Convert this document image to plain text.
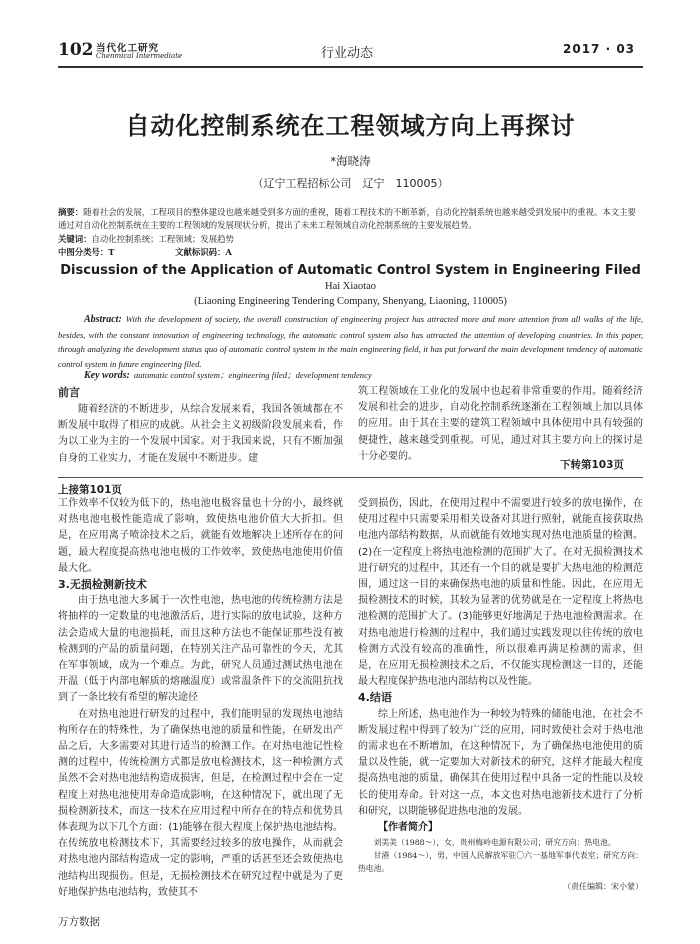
102 当代化工研究
Chenmical Intermediate	行业动态	2017 · 03
自动化控制系统在工程领域方向上再探讨
*海晓涛
（辽宁工程招标公司　辽宁　110005）
摘要：随着社会的发展，工程项目的整体建设也越来越受到多方面的重视，随着工程技术的不断革新，自动化控制系统也越来越受到发展中的重视。本文主要通过对自动化控制系统在主要的工程领域的发展现状分析，提出了未来工程领域自动化控制系统的主要发展趋势。
关键词：自动化控制系统；工程领域；发展趋势
中图分类号：T	文献标识码：A
Discussion of the Application of Automatic Control System in Engineering Filed
Hai Xiaotao
(Liaoning Engineering Tendering Company, Shenyang, Liaoning, 110005)
Abstract: With the development of society, the overall construction of engineering project has attracted more and more attention from all walks of the life, besides, with the constant innovation of engineering technology, the automatic control system also has attracted the attention of developing countries. In this paper, through analyzing the development status quo of automatic control system in the main engineering field, it has put forward the main development tendency of automatic control system in future engineering filed.
Key words: automatic control system；engineering filed；development tendency
前言
随着经济的不断进步，从综合发展来看，我国各领域都在不断发展中取得了相应的成就。从社会主义初级阶段发展来看，作为以工业为主的一个发展中国家。对于我国来说，只有不断加强自身的工业实力，才能在发展中不断进步。建
筑工程领域在工业化的发展中也起着非常重要的作用。随着经济发展和社会的进步，自动化控制系统逐渐在工程领域上加以具体的应用。由于其在主要的建筑工程领域中具体使用中具有较强的便捷性，越来越受到重视。可见，通过对其主要方向上的探讨是十分必要的。
下转第103页
上接第101页

工作效率不仅较为低下的，热电池电极容量也十分的小，最终就对热电池电极性能造成了影响，致使热电池价值大大折扣。但是，在应用离子喷涂技术之后，就能有效地解决上述所存在的问题，最大程度提高热电池电极的工作效率，致使热电池使用价值最大化。

3.无损检测新技术

由于热电池大多属于一次性电池，热电池的传统检测方法是将抽样的一定数量的电池激活后，进行实际的放电试验，这种方法会造成大量的电池损耗，而且这种方法也不能保证那些没有被检测到的产品的质量问题，在特别关注产品可靠性的今天，尤其在军事领域，成为一个难点。为此，研究人员通过测试热电池在开温（低于内部电解质的熔融温度）或常温条件下的交流阻抗找到了一条比较有希望的解决途径

在对热电池进行研发的过程中，我们能明显的发现热电池结构所存在的特殊性，为了确保热电池的质量和性能，在研发出产品之后，大多需要对其进行适当的检测工作。在对热电池记性检测的过程中，传统检测方式都是放电检测技术，这一种检测方式虽然不会对热电池结构造成损害，但是，在检测过程中会在一定程度上对热电池使用寿命造成影响，在这种情况下，就出现了无损检测新技术，而这一技术在应用过程中所存在的特点和优势具体表现为以下几个方面：(1)能够在很大程度上保护热电池结构。在传统放电检测技术下，其需要经过较多的放电操作，从而就会对热电池内部结构造成一定的影响，严重的话甚至还会致使热电池结构出现损伤。但是，无损检测技术在研究过程中就是为了更好地保护热电池结构，致使其不

受到损伤，因此，在使用过程中不需要进行较多的放电操作，在使用过程中只需要采用相关设备对其进行照射，就能直接获取热电池内部结构数据，从而就能有效地实现对热电池质量的检测。(2)在一定程度上将热电池检测的范围扩大了。在对无损检测技术进行研究的过程中，其还有一个目的就是要扩大热电池的检测范围，通过这一目的来确保热电池的质量和性能。因此，在应用无损检测技术的时候，其较为显著的优势就是在一定程度上将热电池检测的范围扩大了。(3)能够更好地满足于热电池检测需求。在对热电池进行检测的过程中，我们通过实践发现以往传统的放电检测方式没有较高的准确性，所以很难再满足检测的需求，但是，在应用无损检测技术之后，不仅能实现检测这一目的，还能最大程度保护热电池内部结构以及性能。

4.结语

综上所述，热电池作为一种较为特殊的储能电池，在社会不断发展过程中得到了较为广泛的应用，同时致使社会对于热电池的需求也在不断增加，在这种情况下，为了确保热电池使用的质量以及性能，就一定要加大对新技术的研究，这样才能最大程度提高热电池的质量，确保其在使用过程中具备一定的性能以及较长的使用寿命。针对这一点，本文也对热电池新技术进行了分析和研究，以期能够促进热电池的发展。

【作者简介】

刘美美（1988～），女，贵州梅岭电源有限公司；研究方向：热电池。

甘港（1984～），男，中国人民解放军驻〇六一基地军事代表室；研究方向：热电池。

（责任编辑：宋小蒙）

万方数据
